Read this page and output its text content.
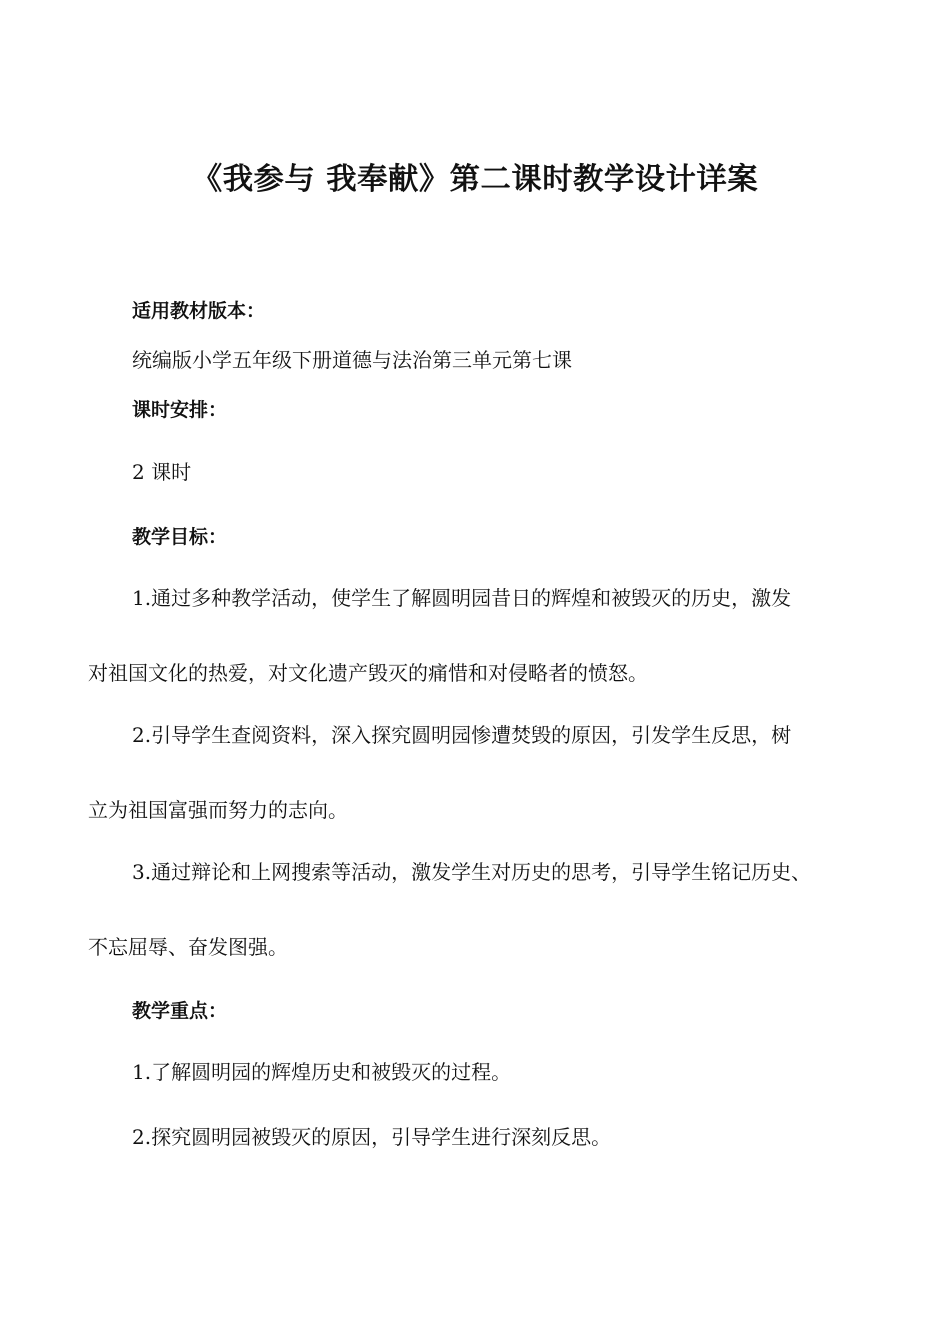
《我参与 我奉献》第二课时教学设计详案
适用教材版本：
统编版小学五年级下册道德与法治第三单元第七课
课时安排：
2 课时
教学目标：
1.通过多种教学活动，使学生了解圆明园昔日的辉煌和被毁灭的历史，激发
对祖国文化的热爱，对文化遗产毁灭的痛惜和对侵略者的愤怒。
2.引导学生查阅资料，深入探究圆明园惨遭焚毁的原因，引发学生反思，树
立为祖国富强而努力的志向。
3.通过辩论和上网搜索等活动，激发学生对历史的思考，引导学生铭记历史、
不忘屈辱、奋发图强。
教学重点：
1.了解圆明园的辉煌历史和被毁灭的过程。
2.探究圆明园被毁灭的原因，引导学生进行深刻反思。
